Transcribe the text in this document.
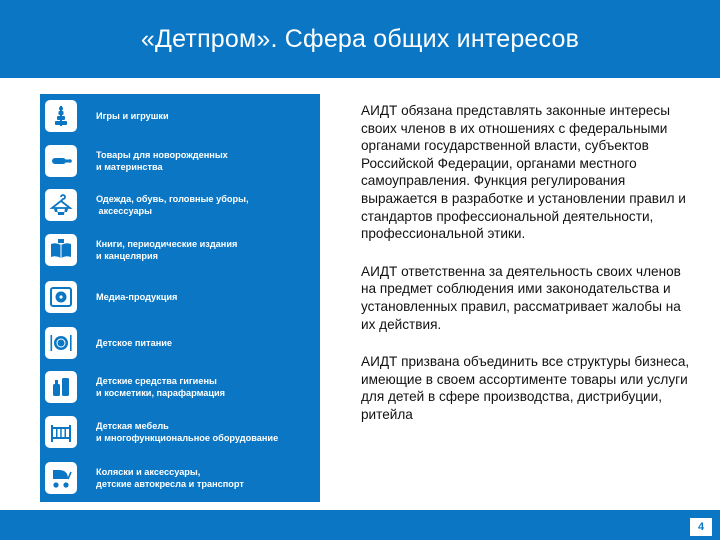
«Детпром». Сфера общих интересов
Игры и игрушки
Товары для новорожденных
и материнства
Одежда, обувь, головные уборы,
аксессуары
Книги, периодические издания
и канцелярия
Медиа-продукция
Детское питание
Детские средства гигиены
и косметики, парафармация
Детская мебель
и многофункциональное оборудование
Коляски и аксессуары,
детские автокресла и транспорт

АИДТ обязана представлять законные интересы своих членов в их отношениях с федеральными органами государственной власти, субъектов Российской Федерации, органами местного самоуправления. Функция регулирования выражается в разработке и установлении правил и стандартов профессиональной деятельности, профессиональной этики.

АИДТ ответственна за деятельность своих членов на предмет соблюдения ими законодательства и установленных правил, рассматривает жалобы на их действия.

АИДТ призвана объединить все структуры бизнеса, имеющие в своем ассортименте товары или услуги для детей в сфере производства, дистрибуции, ритейла

4
